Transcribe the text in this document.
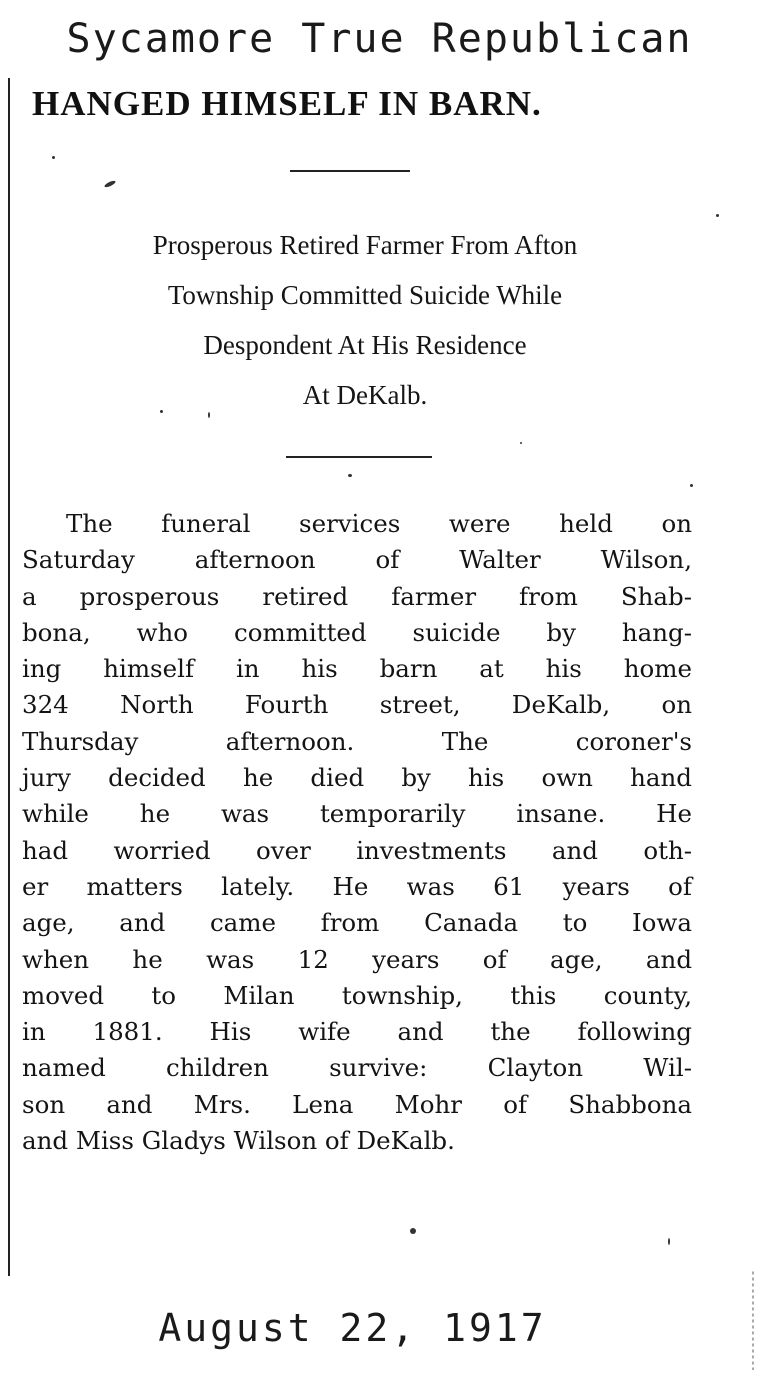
Sycamore True Republican
HANGED HIMSELF IN BARN.
Prosperous Retired Farmer From Afton
Township Committed Suicide While
Despondent At His Residence
At DeKalb.
The funeral services were held on
Saturday afternoon of Walter Wilson,
a prosperous retired farmer from Shab-
bona, who committed suicide by hang-
ing himself in his barn at his home
324 North Fourth street, DeKalb, on
Thursday afternoon. The coroner's
jury decided he died by his own hand
while he was temporarily insane. He
had worried over investments and oth-
er matters lately. He was 61 years of
age, and came from Canada to Iowa
when he was 12 years of age, and
moved to Milan township, this county,
in 1881. His wife and the following
named children survive: Clayton Wil-
son and Mrs. Lena Mohr of Shabbona
and Miss Gladys Wilson of DeKalb.
August 22, 1917
